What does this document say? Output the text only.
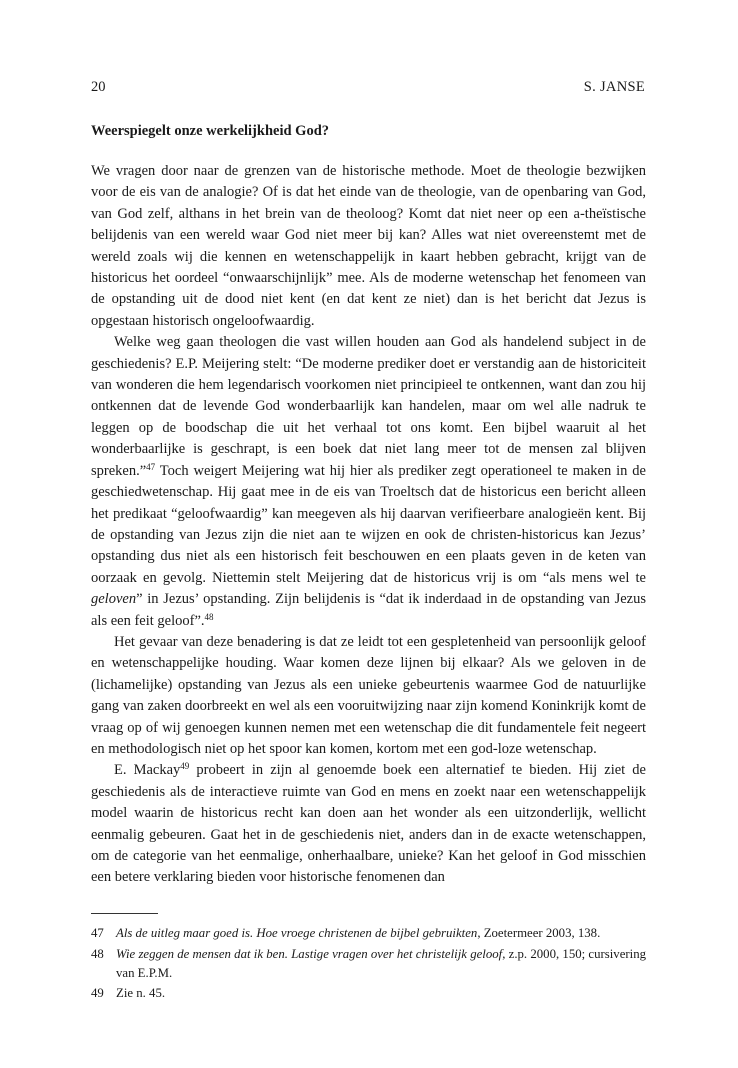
20	S. JANSE
Weerspiegelt onze werkelijkheid God?

We vragen door naar de grenzen van de historische methode. Moet de theologie bezwijken voor de eis van de analogie? Of is dat het einde van de theologie, van de openbaring van God, van God zelf, althans in het brein van de theoloog? Komt dat niet neer op een a-theïstische belijdenis van een wereld waar God niet meer bij kan? Alles wat niet overeenstemt met de wereld zoals wij die kennen en wetenschappelijk in kaart hebben gebracht, krijgt van de historicus het oordeel “onwaarschijnlijk” mee. Als de moderne wetenschap het fenomeen van de opstanding uit de dood niet kent (en dat kent ze niet) dan is het bericht dat Jezus is opgestaan historisch ongeloofwaardig.

Welke weg gaan theologen die vast willen houden aan God als handelend subject in de geschiedenis? E.P. Meijering stelt: “De moderne prediker doet er verstandig aan de historiciteit van wonderen die hem legendarisch voorkomen niet principieel te ontkennen, want dan zou hij ontkennen dat de levende God wonderbaarlijk kan handelen, maar om wel alle nadruk te leggen op de boodschap die uit het verhaal tot ons komt. Een bijbel waaruit al het wonderbaarlijke is geschrapt, is een boek dat niet lang meer tot de mensen zal blijven spreken.”$^{47}$ Toch weigert Meijering wat hij hier als prediker zegt operationeel te maken in de geschiedwetenschap. Hij gaat mee in de eis van Troeltsch dat de historicus een bericht alleen het predikaat “geloofwaardig” kan meegeven als hij daarvan verifieerbare analogieën kent. Bij de opstanding van Jezus zijn die niet aan te wijzen en ook de christen-historicus kan Jezus’ opstanding dus niet als een historisch feit beschouwen en een plaats geven in de keten van oorzaak en gevolg. Niettemin stelt Meijering dat de historicus vrij is om “als mens wel te geloven” in Jezus’ opstanding. Zijn belijdenis is “dat ik inderdaad in de opstanding van Jezus als een feit geloof”.$^{48}$

Het gevaar van deze benadering is dat ze leidt tot een gespletenheid van persoonlijk geloof en wetenschappelijke houding. Waar komen deze lijnen bij elkaar? Als we geloven in de (lichamelijke) opstanding van Jezus als een unieke gebeurtenis waarmee God de natuurlijke gang van zaken doorbreekt en wel als een vooruitwijzing naar zijn komend Koninkrijk komt de vraag op of wij genoegen kunnen nemen met een wetenschap die dit fundamentele feit negeert en methodologisch niet op het spoor kan komen, kortom met een god-loze wetenschap.

E. Mackay$^{49}$ probeert in zijn al genoemde boek een alternatief te bieden. Hij ziet de geschiedenis als de interactieve ruimte van God en mens en zoekt naar een wetenschappelijk model waarin de historicus recht kan doen aan het wonder als een uitzonderlijk, wellicht eenmalig gebeuren. Gaat het in de geschiedenis niet, anders dan in de exacte wetenschappen, om de categorie van het eenmalige, onherhaalbare, unieke? Kan het geloof in God misschien een betere verklaring bieden voor historische fenomenen dan

47 Als de uitleg maar goed is. Hoe vroege christenen de bijbel gebruikten, Zoetermeer 2003, 138.
48 Wie zeggen de mensen dat ik ben. Lastige vragen over het christelijk geloof, z.p. 2000, 150; cursivering van E.P.M.
49 Zie n. 45.
